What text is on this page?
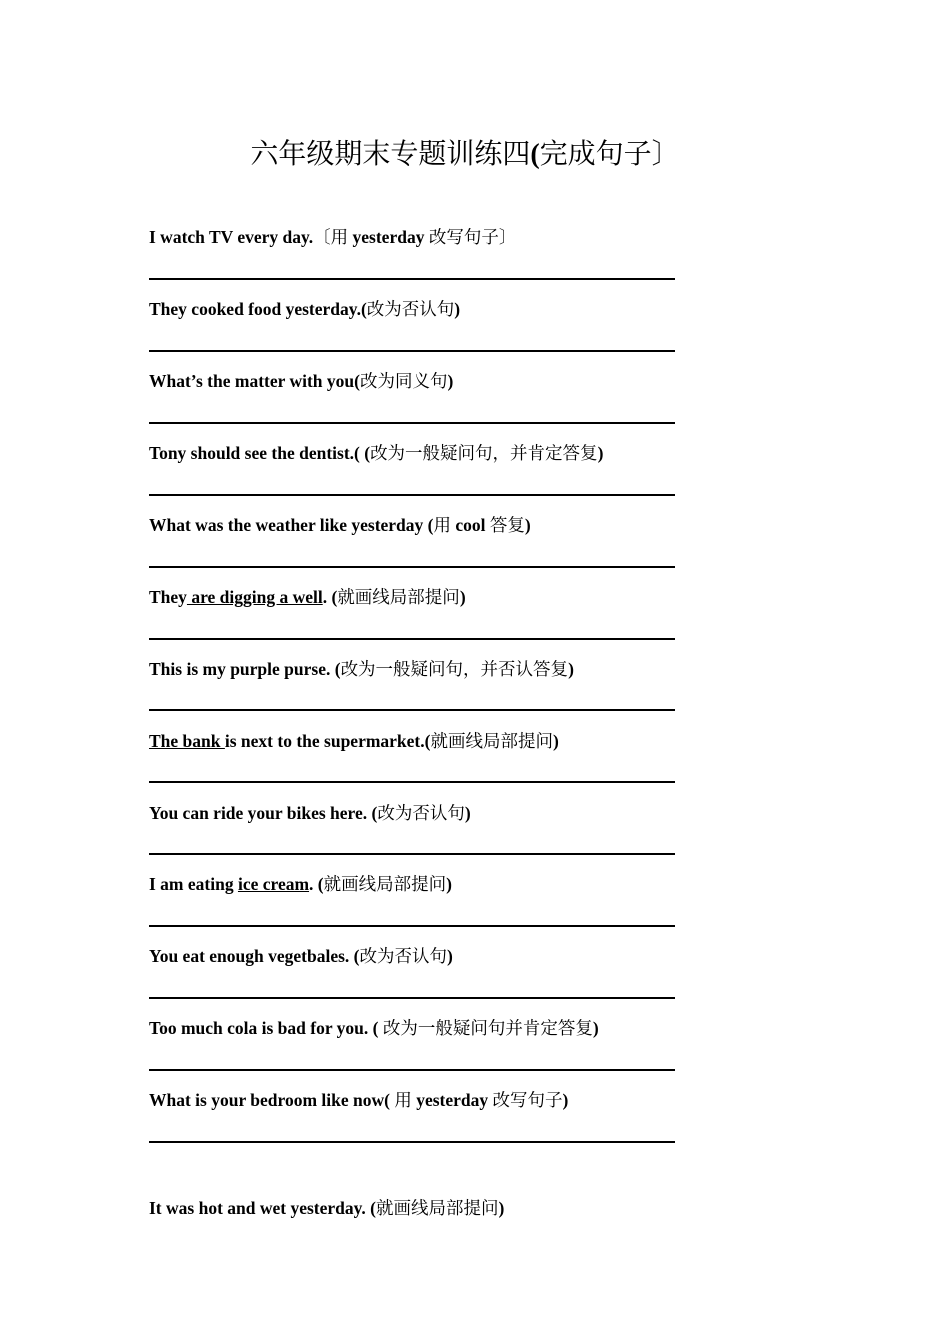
六年级期末专题训练四(完成句子〕
I watch TV every day.〔用 yesterday 改写句子〕
They cooked food yesterday.(改为否认句)
What’s the matter with you(改为同义句)
Tony should see the dentist.( (改为一般疑问句，并肯定答复)
What was the weather like yesterday (用 cool 答复)
They are digging a well. (就画线局部提问)
This is my purple purse. (改为一般疑问句，并否认答复)
The bank is next to the supermarket.(就画线局部提问)
You can ride your bikes here. (改为否认句)
I am eating ice cream. (就画线局部提问)
You eat enough vegetbales. (改为否认句)
Too much cola is bad for you. ( 改为一般疑问句并肯定答复)
What is your bedroom like now( 用 yesterday 改写句子)
It was hot and wet yesterday. (就画线局部提问)
